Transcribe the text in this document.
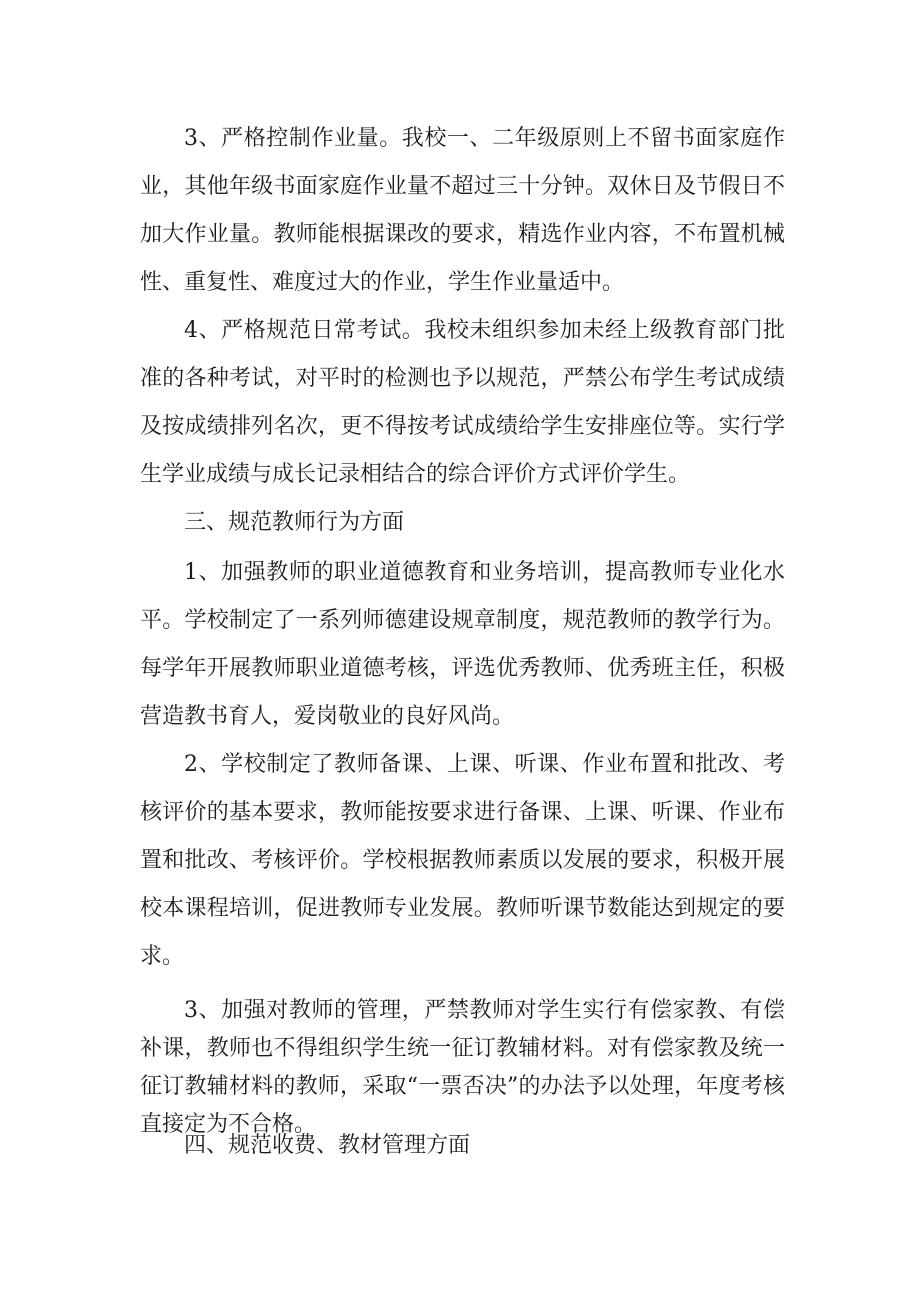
3、严格控制作业量。我校一、二年级原则上不留书面家庭作业，其他年级书面家庭作业量不超过三十分钟。双休日及节假日不加大作业量。教师能根据课改的要求，精选作业内容，不布置机械性、重复性、难度过大的作业，学生作业量适中。

4、严格规范日常考试。我校未组织参加未经上级教育部门批准的各种考试，对平时的检测也予以规范，严禁公布学生考试成绩及按成绩排列名次，更不得按考试成绩给学生安排座位等。实行学生学业成绩与成长记录相结合的综合评价方式评价学生。

三、规范教师行为方面

1、加强教师的职业道德教育和业务培训，提高教师专业化水平。学校制定了一系列师德建设规章制度，规范教师的教学行为。每学年开展教师职业道德考核，评选优秀教师、优秀班主任，积极营造教书育人，爱岗敬业的良好风尚。

2、学校制定了教师备课、上课、听课、作业布置和批改、考核评价的基本要求，教师能按要求进行备课、上课、听课、作业布置和批改、考核评价。学校根据教师素质以发展的要求，积极开展校本课程培训，促进教师专业发展。教师听课节数能达到规定的要求。

3、加强对教师的管理，严禁教师对学生实行有偿家教、有偿补课，教师也不得组织学生统一征订教辅材料。对有偿家教及统一征订教辅材料的教师，采取“一票否决”的办法予以处理，年度考核直接定为不合格。

四、规范收费、教材管理方面
